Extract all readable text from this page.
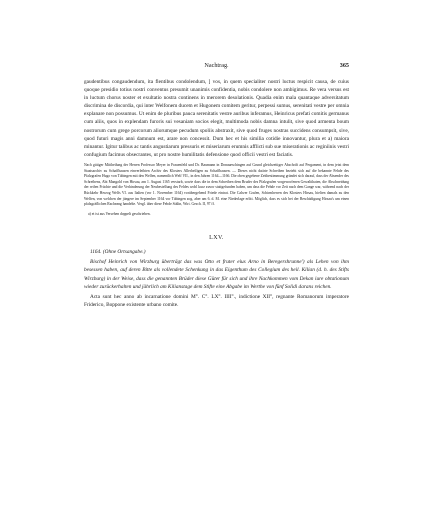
Nachtrag.	365

gaudentibus congaudendum, ita flentibus condolendum, ] vos, in quem specialiter nostri luctus respicit causa, de cuius quoque presidio totius nostri conventus presumit unanimis confidentia, nobis condolere non ambigimus. Re vera versus est in luctum chorus noster et exultatio nostra continens in merorem desolationis. Quadia enim mala quantaque adversitatum discrimina de discordia, qui inter Welfonem ducem et Hugonem comitem geritur, perpessi sumus, serenitati vestre per omnia explanare non possumus. Ut enim de pluribus pauca serenitatis vestre auribus inferamus, Heinricus prefati comitis germanus cum aliis, quos in explendam furoris sui vesaniam socios elegit, multimoda nobis damna intulit, sive quod armenta boum nostrorum cum grege porcorum aliorumque pecudum spoliis abstraxit, sive quod fruges nostras succidens consumpsit, sive, quod futuri magis anni damnum est, arare non concessit. Dum hec et his similia cotidie innovantur, plura et a) maiora minantur. Igitur talibus ac tantis angustiarum pressuris et miseriarum erumnis afflicti sub sue miserationis ac reginiinis vestri confugium facimus obsecrantes, ut pro nostre humilitatis defensione quod officii vestri est faciatis.

Nach gütiger Mittheilung der Herren Professor Meyer in Frauenfeld und Dr. Baumann in Donaueschingen auf Grund gleichzeitiger Abschrift auf Pergament, in dem jetzt dem Staatsarchiv zu Schaffhausen einverleibten Archiv des Klosters Allerheiligen zu Schaffhausen. — Dieses nicht datirte Schreiben bezieht sich auf die bekannte Fehde des Pfalzgrafen Hugo von Tübingen mit den Welfen, namentlich Welf VII., in den Jahren 1164—1166. Die oben gegebene Zeitbestimmung gründet sich darauf, dass der Absender des Schreibens, Abt Mangold von Hirsau, am 1. August 1165 verstarb, sowie dass die in dem Schreiben dem Bruder des Pfalzgrafen vorgeworfenen Gewaltthaten, die Abschneidung der reifen Früchte und die Verhinderung der Neubestellung des Feldes wohl kurz zuvor stattgefunden haben, um dass die Fehde vor Zeit nach dem Gange war, während nach der Rückkehr Herzog Welfs VI. aus Italien (vor 1. November 1164) vorübergehend Friede eintrat. Die Calwer Grafen, Schirmherren des Klosters Hirsau, hielten damals zu den Welfen, von welchen der jüngere im September 1164 vor Tübingen zog, aber am 6. d. M. eine Niederlage erlitt. Möglich, dass es sich bei der Beschädigung Hirsau's um einen pfalzgräflichen Racheang handelte. Vergl. über diese Fehde Stälin, Wirt. Gesch. II, 97 ff.

a) et ist aus Versehen doppelt geschrieben.

LXV.
1164. (Ohne Ortsangabe.)

Bischof Heinrich von Wirzburg überträgt das was Otto et fruter eius Arno in Beregershrunne') als Lehen von ihm besessen haben, auf deren Bitte als vollendete Schenkung in das Eigenthum des Collegium des heil. Kilian (d. h. des Stifts Wirzburg) in der Weise, dass die genannten Brüder diese Güter für sich und ihre Nachkommen vom Dekan iure obtationum wieder zurückerhalten und jährlich am Kilianstage dem Stifte eine Abgabe im Werthe von fünf Solidi darans reichen.

Acta sunt hec anno ab incarnatione domini M°. C°. LX°. IIII°., indictione XII°, regnante Romanorum imperatore Friderico, Boppone existente urbano comite.
